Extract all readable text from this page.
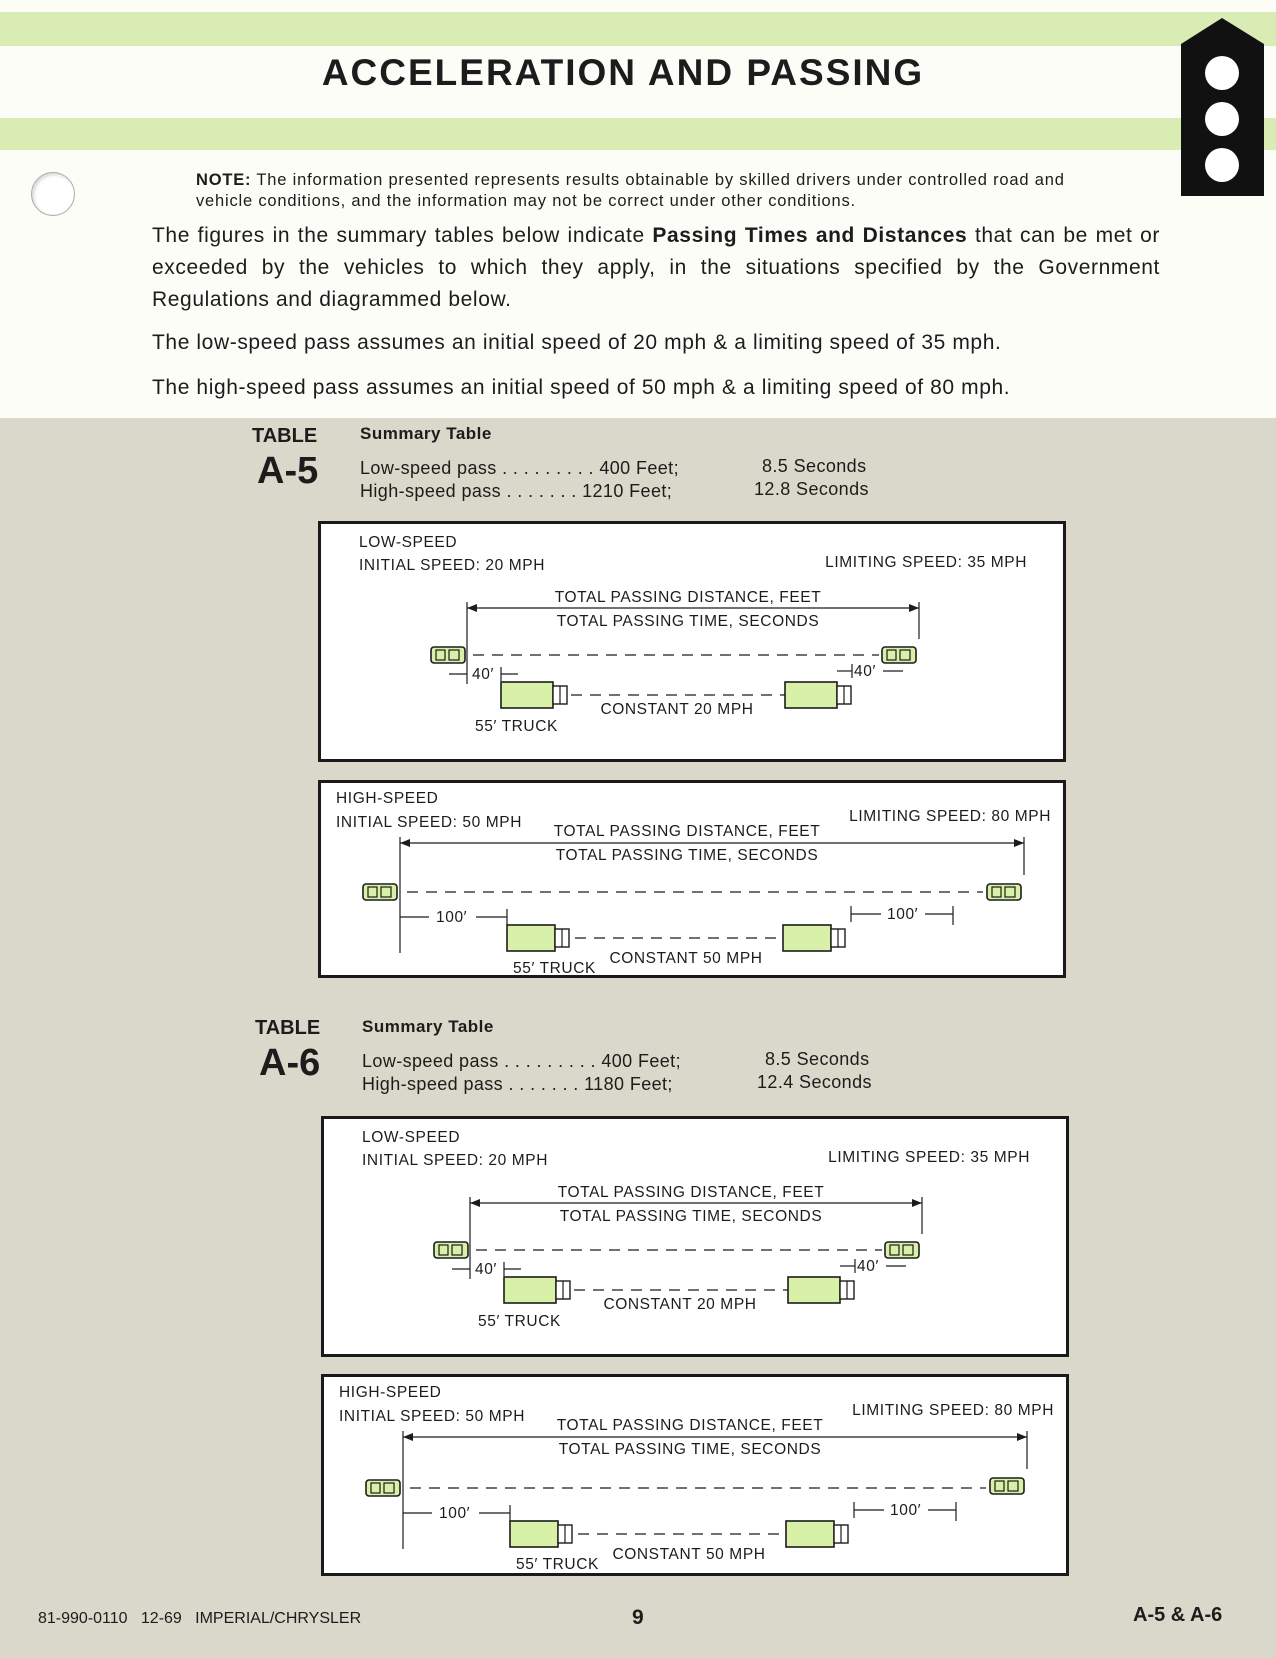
ACCELERATION AND PASSING
NOTE: The information presented represents results obtainable by skilled drivers under controlled road and vehicle conditions, and the information may not be correct under other conditions.
The figures in the summary tables below indicate Passing Times and Distances that can be met or exceeded by the vehicles to which they apply, in the situations specified by the Government Regulations and diagrammed below.
The low-speed pass assumes an initial speed of 20 mph & a limiting speed of 35 mph.
The high-speed pass assumes an initial speed of 50 mph & a limiting speed of 80 mph.
TABLE
A-5
Summary Table
Low-speed pass . . . . . . . . . 400 Feet;	8.5 Seconds
High-speed pass . . . . . . . 1210 Feet;	12.8 Seconds
TABLE
A-6
Summary Table
Low-speed pass . . . . . . . . . 400 Feet;	8.5 Seconds
High-speed pass . . . . . . . 1180 Feet;	12.4 Seconds
LOW-SPEED
INITIAL SPEED: 20 MPH	LIMITING SPEED: 35 MPH
TOTAL PASSING DISTANCE, FEET
TOTAL PASSING TIME, SECONDS
40′	40′
CONSTANT 20 MPH
55′ TRUCK
HIGH-SPEED
INITIAL SPEED: 50 MPH	LIMITING SPEED: 80 MPH
TOTAL PASSING DISTANCE, FEET
TOTAL PASSING TIME, SECONDS
100′	100′
CONSTANT 50 MPH
55′ TRUCK
LOW-SPEED
INITIAL SPEED: 20 MPH	LIMITING SPEED: 35 MPH
TOTAL PASSING DISTANCE, FEET
TOTAL PASSING TIME, SECONDS
40′	40′
CONSTANT 20 MPH
55′ TRUCK
HIGH-SPEED
INITIAL SPEED: 50 MPH	LIMITING SPEED: 80 MPH
TOTAL PASSING DISTANCE, FEET
TOTAL PASSING TIME, SECONDS
100′	100′
CONSTANT 50 MPH
55′ TRUCK
81-990-0110   12-69   IMPERIAL/CHRYSLER	9	A-5 & A-6
